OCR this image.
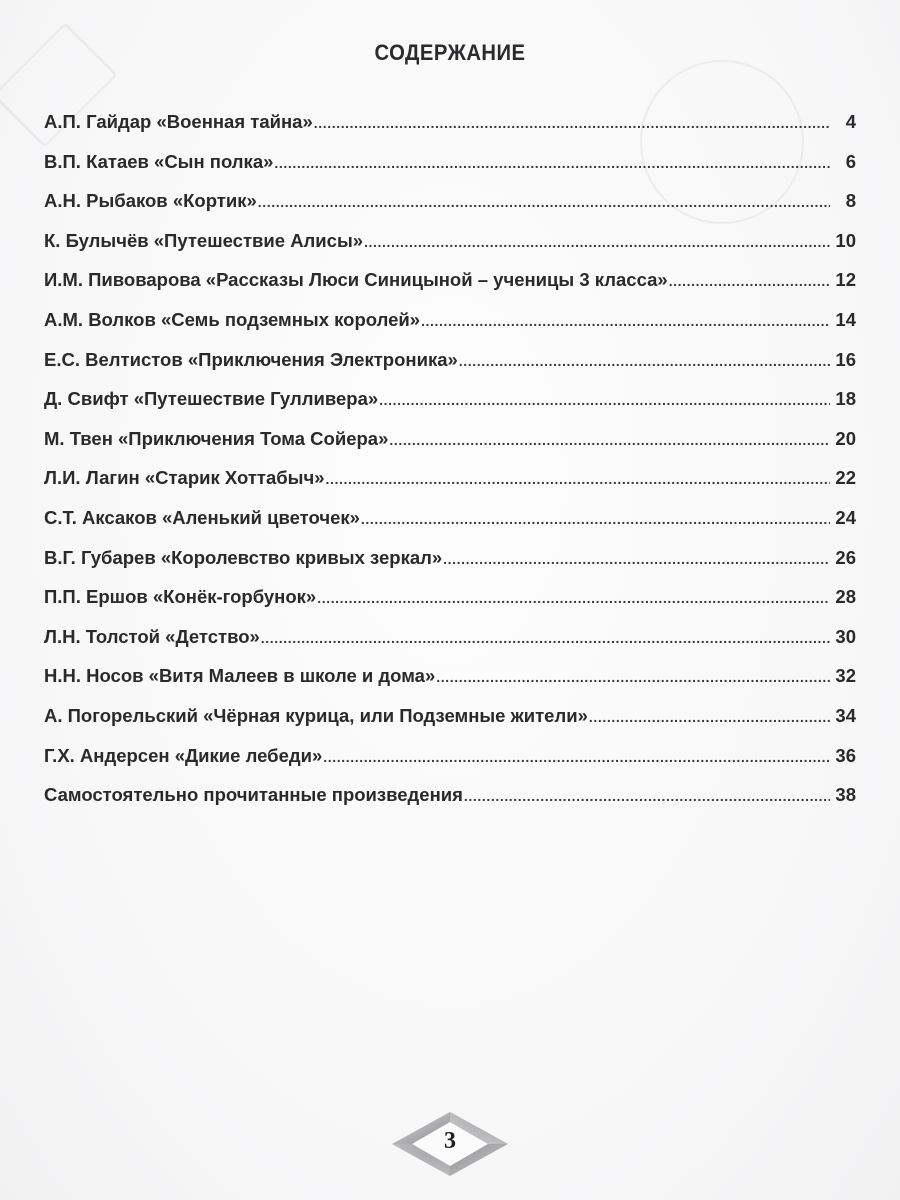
СОДЕРЖАНИЕ
А.П. Гайдар «Военная тайна» .....	4
В.П. Катаев «Сын полка» .....	6
А.Н. Рыбаков «Кортик» .....	8
К. Булычёв «Путешествие Алисы» .....	10
И.М. Пивоварова «Рассказы Люси Синицыной – ученицы 3 класса» .....	12
А.М. Волков «Семь подземных королей» .....	14
Е.С. Велтистов «Приключения Электроника» .....	16
Д. Свифт «Путешествие Гулливера» .....	18
М. Твен «Приключения Тома Сойера» .....	20
Л.И. Лагин «Старик Хоттабыч» .....	22
С.Т. Аксаков «Аленький цветочек» .....	24
В.Г. Губарев «Королевство кривых зеркал» .....	26
П.П. Ершов «Конёк-горбунок» .....	28
Л.Н. Толстой «Детство» .....	30
Н.Н. Носов «Витя Малеев в школе и дома» .....	32
А. Погорельский «Чёрная курица, или Подземные жители» .....	34
Г.Х. Андерсен «Дикие лебеди» .....	36
Самостоятельно прочитанные произведения .....	38
3
